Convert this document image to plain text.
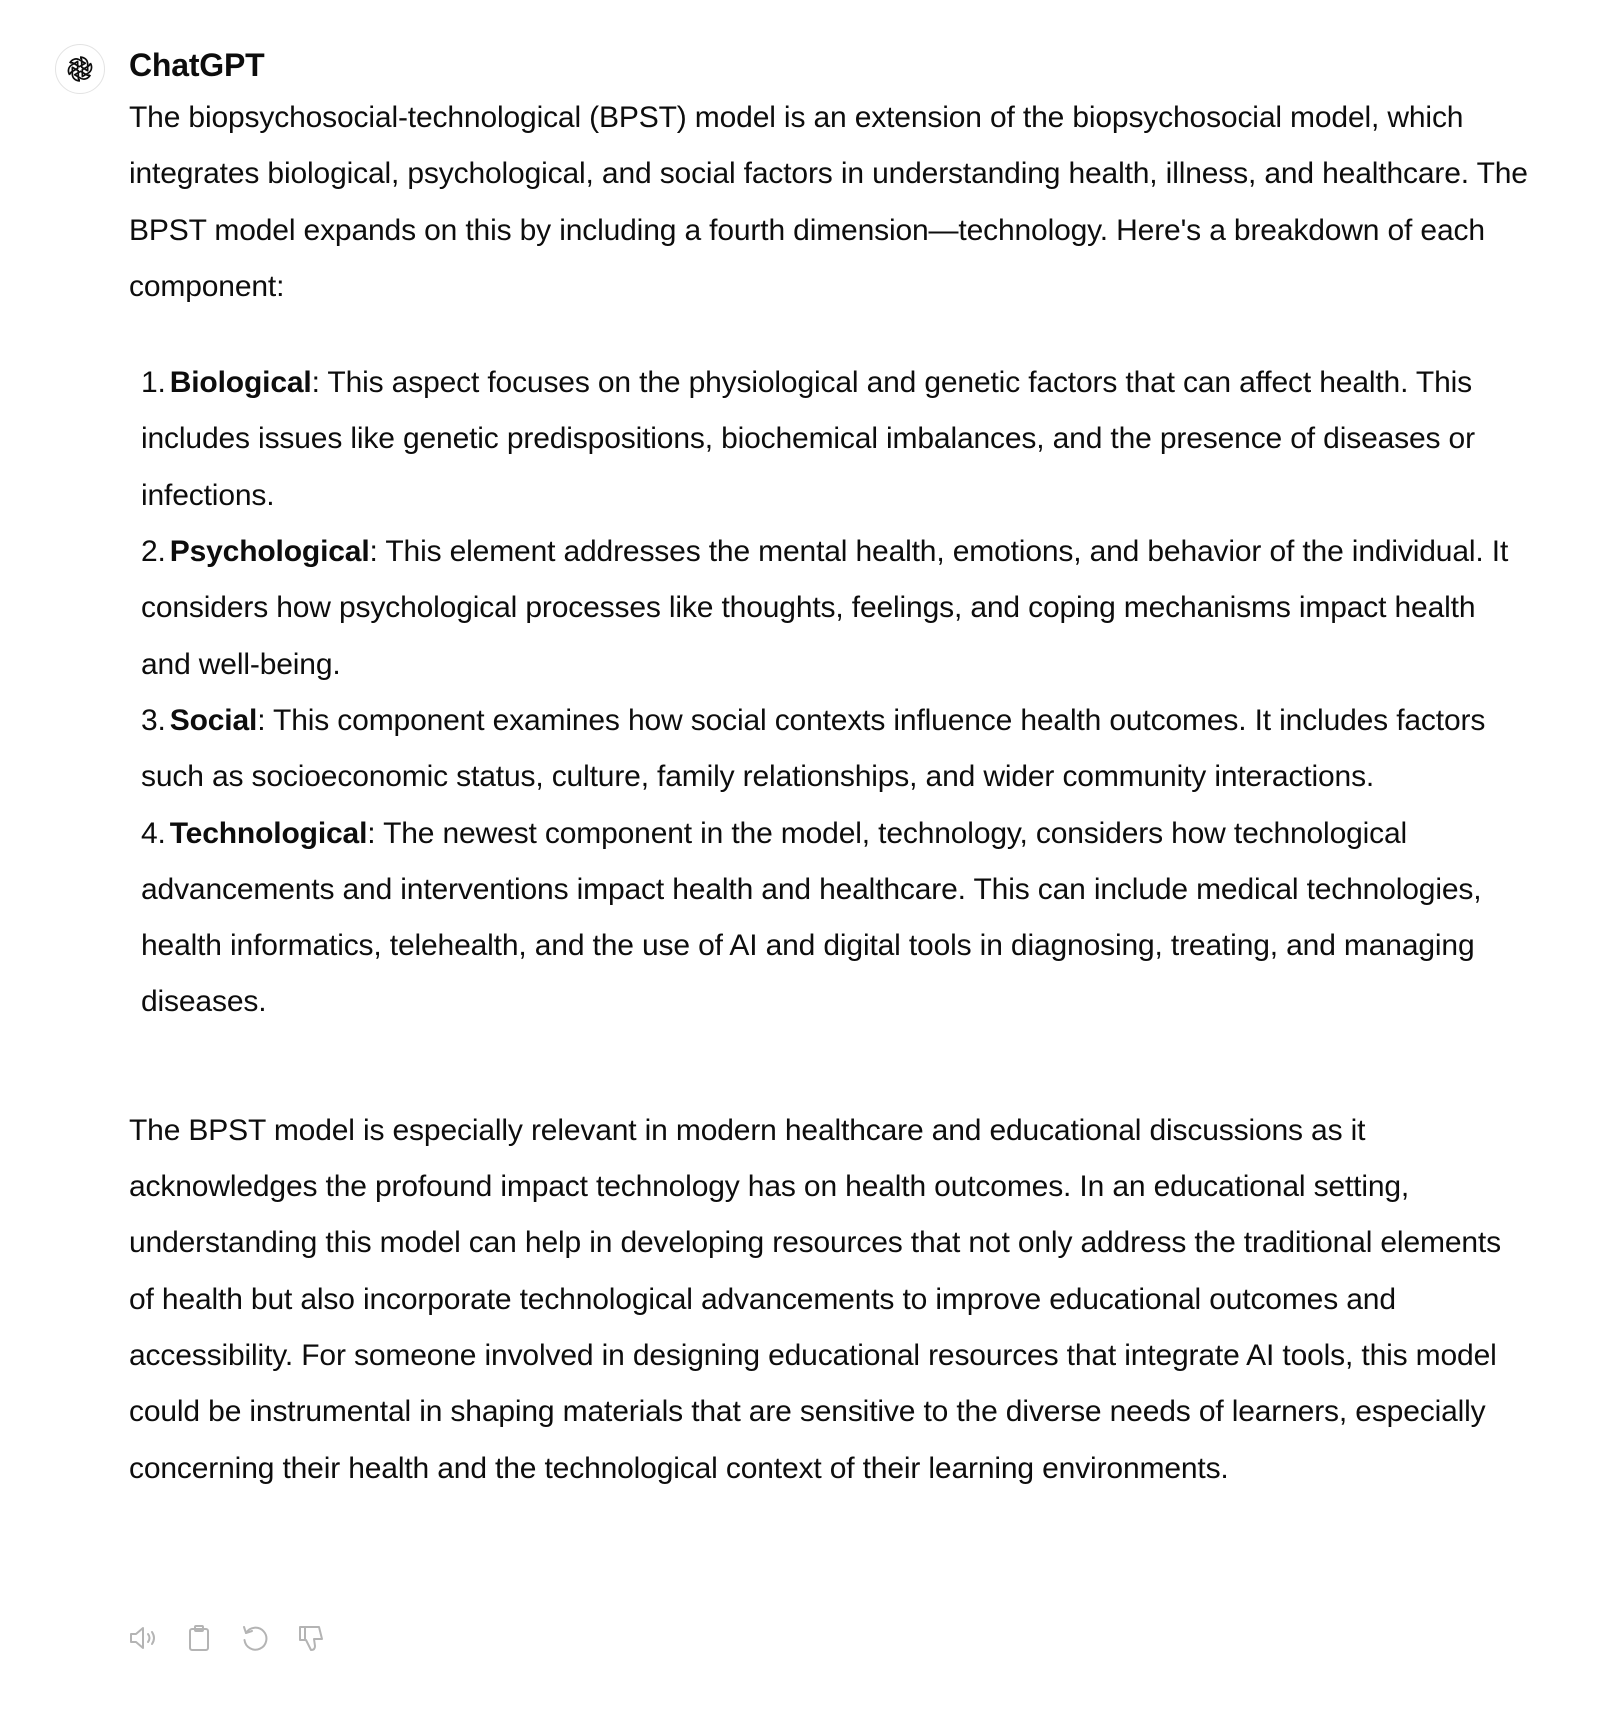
ChatGPT

The biopsychosocial-technological (BPST) model is an extension of the biopsychosocial model, which integrates biological, psychological, and social factors in understanding health, illness, and healthcare. The BPST model expands on this by including a fourth dimension—technology. Here's a breakdown of each component:

1. Biological: This aspect focuses on the physiological and genetic factors that can affect health. This includes issues like genetic predispositions, biochemical imbalances, and the presence of diseases or infections.
2. Psychological: This element addresses the mental health, emotions, and behavior of the individual. It considers how psychological processes like thoughts, feelings, and coping mechanisms impact health and well-being.
3. Social: This component examines how social contexts influence health outcomes. It includes factors such as socioeconomic status, culture, family relationships, and wider community interactions.
4. Technological: The newest component in the model, technology, considers how technological advancements and interventions impact health and healthcare. This can include medical technologies, health informatics, telehealth, and the use of AI and digital tools in diagnosing, treating, and managing diseases.

The BPST model is especially relevant in modern healthcare and educational discussions as it acknowledges the profound impact technology has on health outcomes. In an educational setting, understanding this model can help in developing resources that not only address the traditional elements of health but also incorporate technological advancements to improve educational outcomes and accessibility. For someone involved in designing educational resources that integrate AI tools, this model could be instrumental in shaping materials that are sensitive to the diverse needs of learners, especially concerning their health and the technological context of their learning environments.
